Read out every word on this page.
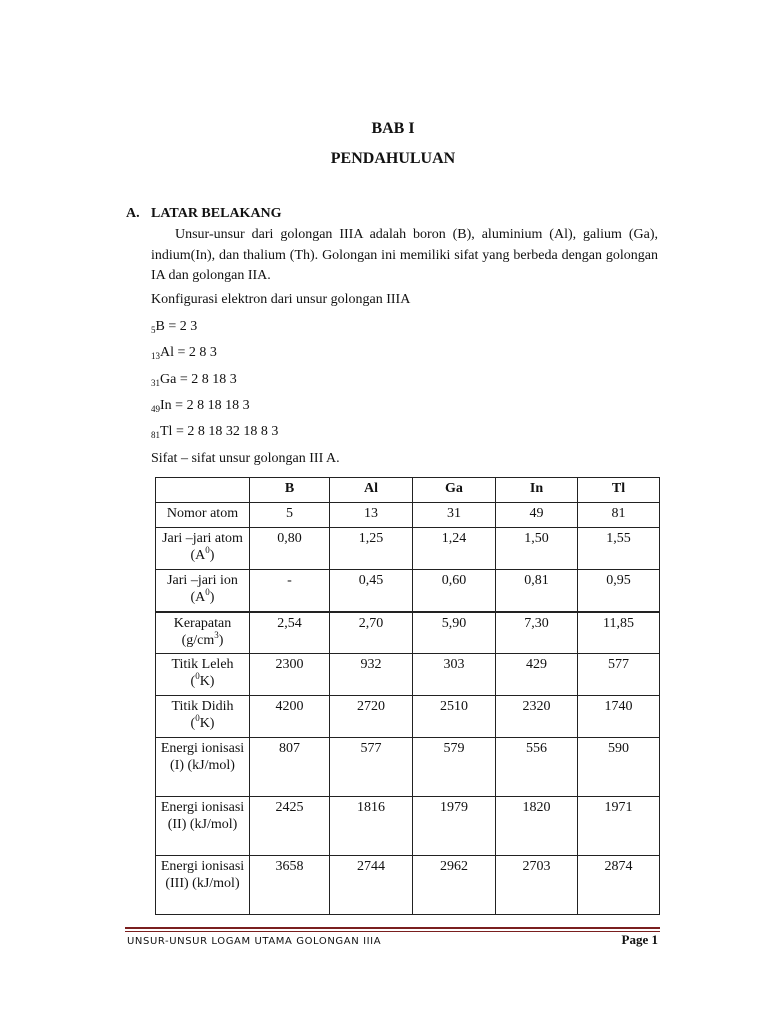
BAB I
PENDAHULUAN
A. LATAR BELAKANG
Unsur-unsur dari golongan IIIA adalah boron (B), aluminium (Al), galium (Ga), indium(In), dan thalium (Th). Golongan ini memiliki sifat yang berbeda dengan golongan IA dan golongan IIA.
Konfigurasi elektron dari unsur golongan IIIA
$_5$B = 2 3
$_{13}$Al = 2 8 3
$_{31}$Ga = 2 8 18 3
$_{49}$In = 2 8 18 18 3
$_{81}$Tl = 2 8 18 32 18 8 3
Sifat – sifat unsur golongan III A.
	B	Al	Ga	In	Tl
Nomor atom	5	13	31	49	81
Jari –jari atom $(A^0)$	0,80	1,25	1,24	1,50	1,55
Jari –jari ion $(A^0)$	-	0,45	0,60	0,81	0,95
Kerapatan $(g/cm^3)$	2,54	2,70	5,90	7,30	11,85
Titik Leleh ($^0$K)	2300	932	303	429	577
Titik Didih ($^0$K)	4200	2720	2510	2320	1740
Energi ionisasi (I) (kJ/mol)	807	577	579	556	590
Energi ionisasi (II) (kJ/mol)	2425	1816	1979	1820	1971
Energi ionisasi (III) (kJ/mol)	3658	2744	2962	2703	2874
UNSUR-UNSUR LOGAM UTAMA GOLONGAN IIIA	Page 1
